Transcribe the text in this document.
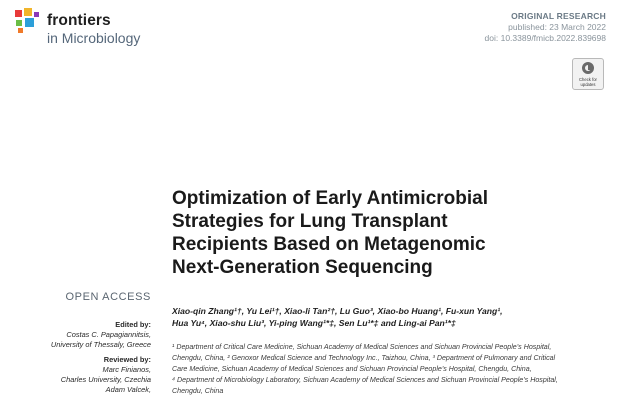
frontiers
in Microbiology
ORIGINAL RESEARCH
published: 23 March 2022
doi: 10.3389/fmicb.2022.839698
Check for
updates
Optimization of Early Antimicrobial
Strategies for Lung Transplant
Recipients Based on Metagenomic
Next-Generation Sequencing
OPEN ACCESS
Xiao-qin Zhang¹†, Yu Lei¹†, Xiao-li Tan²†, Lu Guo³, Xiao-bo Huang¹, Fu-xun Yang¹,
Hua Yu⁴, Xiao-shu Liu³, Yi-ping Wang¹*‡, Sen Lu¹*‡ and Ling-ai Pan¹*‡
¹ Department of Critical Care Medicine, Sichuan Academy of Medical Sciences and Sichuan Provincial People’s Hospital,
Chengdu, China, ² Genoxor Medical Science and Technology Inc., Taizhou, China, ³ Department of Pulmonary and Critical
Care Medicine, Sichuan Academy of Medical Sciences and Sichuan Provincial People’s Hospital, Chengdu, China,
⁴ Department of Microbiology Laboratory, Sichuan Academy of Medical Sciences and Sichuan Provincial People’s Hospital,
Chengdu, China
Edited by:
Costas C. Papagiannitsis,
University of Thessaly, Greece
Reviewed by:
Marc Finianos,
Charles University, Czechia
Adam Valcek,
